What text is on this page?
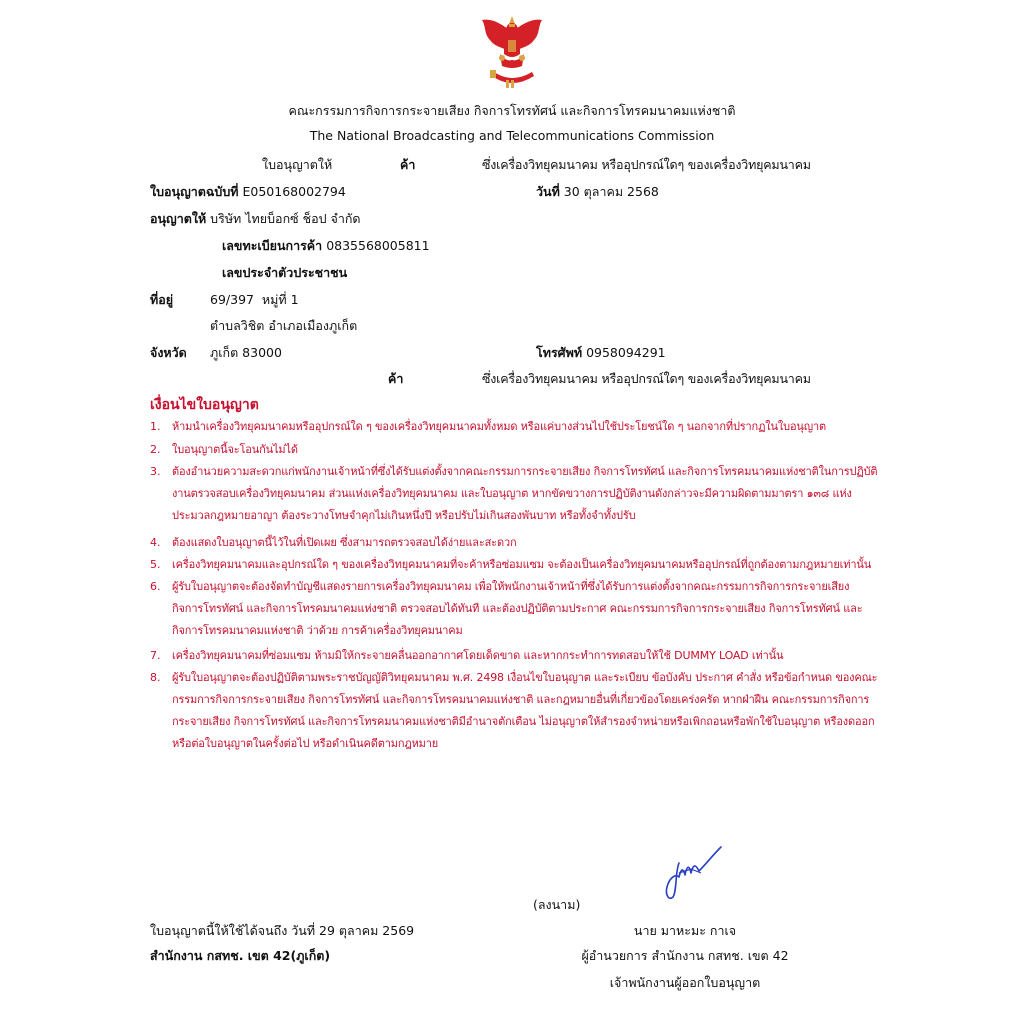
คณะกรรมการกิจการกระจายเสียง กิจการโทรทัศน์ และกิจการโทรคมนาคมแห่งชาติ
The National Broadcasting and Telecommunications Commission
ใบอนุญาตให้	ค้า	ซึ่งเครื่องวิทยุคมนาคม หรืออุปกรณ์ใดๆ ของเครื่องวิทยุคมนาคม
ใบอนุญาตฉบับที่ E050168002794	วันที่ 30 ตุลาคม 2568
อนุญาตให้ บริษัท ไทยบ็อกซ์ ช็อป จำกัด
เลขทะเบียนการค้า 0835568005811
เลขประจำตัวประชาชน
ที่อยู่	69/397  หมู่ที่ 1
ตำบลวิชิต อำเภอเมืองภูเก็ต
จังหวัด ภูเก็ต 83000	โทรศัพท์ 0958094291
ค้า	ซึ่งเครื่องวิทยุคมนาคม หรืออุปกรณ์ใดๆ ของเครื่องวิทยุคมนาคม
เงื่อนไขใบอนุญาต
1. ห้ามนำเครื่องวิทยุคมนาคมหรืออุปกรณ์ใด ๆ ของเครื่องวิทยุคมนาคมทั้งหมด หรือแค่บางส่วนไปใช้ประโยชน์ใด ๆ นอกจากที่ปรากฏในใบอนุญาต
2. ใบอนุญาตนี้จะโอนกันไม่ได้
3. ต้องอำนวยความสะดวกแก่พนักงานเจ้าหน้าที่ซึ่งได้รับแต่งตั้งจากคณะกรรมการกระจายเสียง กิจการโทรทัศน์ และกิจการโทรคมนาคมแห่งชาติในการปฏิบัติงานตรวจสอบเครื่องวิทยุคมนาคม ส่วนแห่งเครื่องวิทยุคมนาคม และใบอนุญาต หากขัดขวางการปฏิบัติงานดังกล่าวจะมีความผิดตามมาตรา ๑๓๘ แห่งประมวลกฎหมายอาญา ต้องระวางโทษจำคุกไม่เกินหนึ่งปี หรือปรับไม่เกินสองพันบาท หรือทั้งจำทั้งปรับ
4. ต้องแสดงใบอนุญาตนี้ไว้ในที่เปิดเผย ซึ่งสามารถตรวจสอบได้ง่ายและสะดวก
5. เครื่องวิทยุคมนาคมและอุปกรณ์ใด ๆ ของเครื่องวิทยุคมนาคมที่จะค้าหรือซ่อมแซม จะต้องเป็นเครื่องวิทยุคมนาคมหรืออุปกรณ์ที่ถูกต้องตามกฎหมายเท่านั้น
6. ผู้รับใบอนุญาตจะต้องจัดทำบัญชีแสดงรายการเครื่องวิทยุคมนาคม เพื่อให้พนักงานเจ้าหน้าที่ซึ่งได้รับการแต่งตั้งจากคณะกรรมการกิจการกระจายเสียง กิจการโทรทัศน์ และกิจการโทรคมนาคมแห่งชาติ ตรวจสอบได้ทันที และต้องปฏิบัติตามประกาศ คณะกรรมการกิจการกระจายเสียง กิจการโทรทัศน์ และกิจการโทรคมนาคมแห่งชาติ ว่าด้วย การค้าเครื่องวิทยุคมนาคม
7. เครื่องวิทยุคมนาคมที่ซ่อมแซม ห้ามมิให้กระจายคลื่นออกอากาศโดยเด็ดขาด และหากกระทำการทดสอบให้ใช้ DUMMY LOAD เท่านั้น
8. ผู้รับใบอนุญาตจะต้องปฏิบัติตามพระราชบัญญัติวิทยุคมนาคม พ.ศ. 2498 เงื่อนไขใบอนุญาต และระเบียบ ข้อบังคับ ประกาศ คำสั่ง หรือข้อกำหนด ของคณะกรรมการกิจการกระจายเสียง กิจการโทรทัศน์ และกิจการโทรคมนาคมแห่งชาติ และกฎหมายอื่นที่เกี่ยวข้องโดยเคร่งครัด หากฝ่าฝืน คณะกรรมการกิจการกระจายเสียง กิจการโทรทัศน์ และกิจการโทรคมนาคมแห่งชาติมีอำนาจตักเตือน ไม่อนุญาตให้สำรองจำหน่ายหรือเพิกถอนหรือพักใช้ใบอนุญาต หรืองดออกหรือต่อใบอนุญาตในครั้งต่อไป หรือดำเนินคดีตามกฎหมาย
(ลงนาม)
ใบอนุญาตนี้ให้ใช้ได้จนถึง วันที่ 29 ตุลาคม 2569
สำนักงาน กสทช. เขต 42(ภูเก็ต)
นาย มาหะมะ กาเจ
ผู้อำนวยการ สำนักงาน กสทช. เขต 42
เจ้าพนักงานผู้ออกใบอนุญาต
